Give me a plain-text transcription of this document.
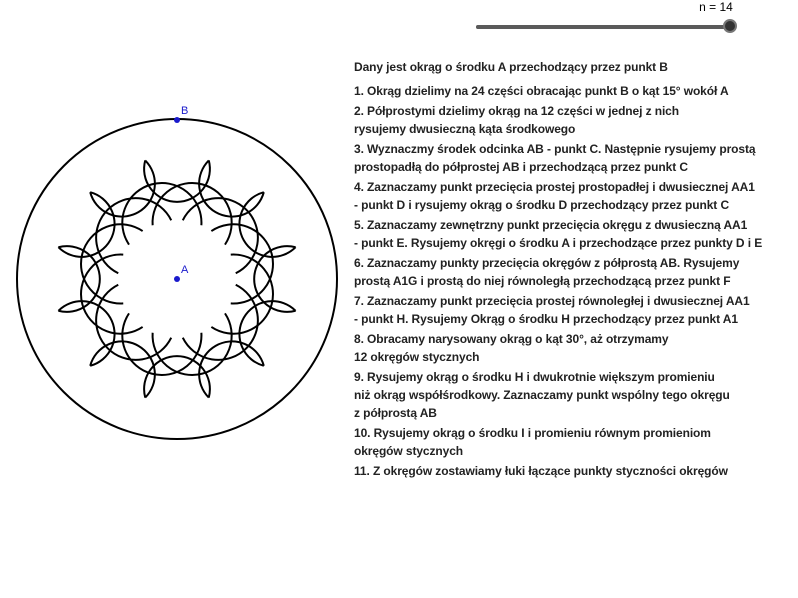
n = 14
B
A
Dany jest okrąg o środku A przechodzący przez punkt B
1. Okrąg dzielimy na 24 części obracając punkt B o kąt 15° wokół A
2. Półprostymi dzielimy okrąg na 12 części w jednej z nich
rysujemy dwusieczną kąta środkowego
3. Wyznaczmy środek odcinka AB - punkt C. Następnie rysujemy prostą
prostopadłą do półprostej AB i przechodzącą przez punkt C
4. Zaznaczamy punkt przecięcia prostej prostopadłej i dwusiecznej AA1
- punkt D i rysujemy okrąg o środku D przechodzący przez punkt C
5. Zaznaczamy zewnętrzny punkt przecięcia okręgu z dwusieczną AA1
- punkt E. Rysujemy okręgi o środku A i przechodzące przez punkty D i E
6. Zaznaczamy punkty przecięcia okręgów z półprostą AB. Rysujemy
prostą A1G i prostą do niej równoległą przechodzącą przez punkt F
7. Zaznaczamy punkt przecięcia prostej równoległej i dwusiecznej AA1
- punkt H. Rysujemy Okrąg o środku H przechodzący przez punkt A1
8. Obracamy narysowany okrąg o kąt 30°, aż otrzymamy
12 okręgów stycznych
9. Rysujemy okrąg o środku H i dwukrotnie większym promieniu
niż okrąg współśrodkowy. Zaznaczamy punkt wspólny tego okręgu
z półprostą AB
10. Rysujemy okrąg o środku I i promieniu równym promieniom
okręgów stycznych
11. Z okręgów zostawiamy łuki łączące punkty styczności okręgów
